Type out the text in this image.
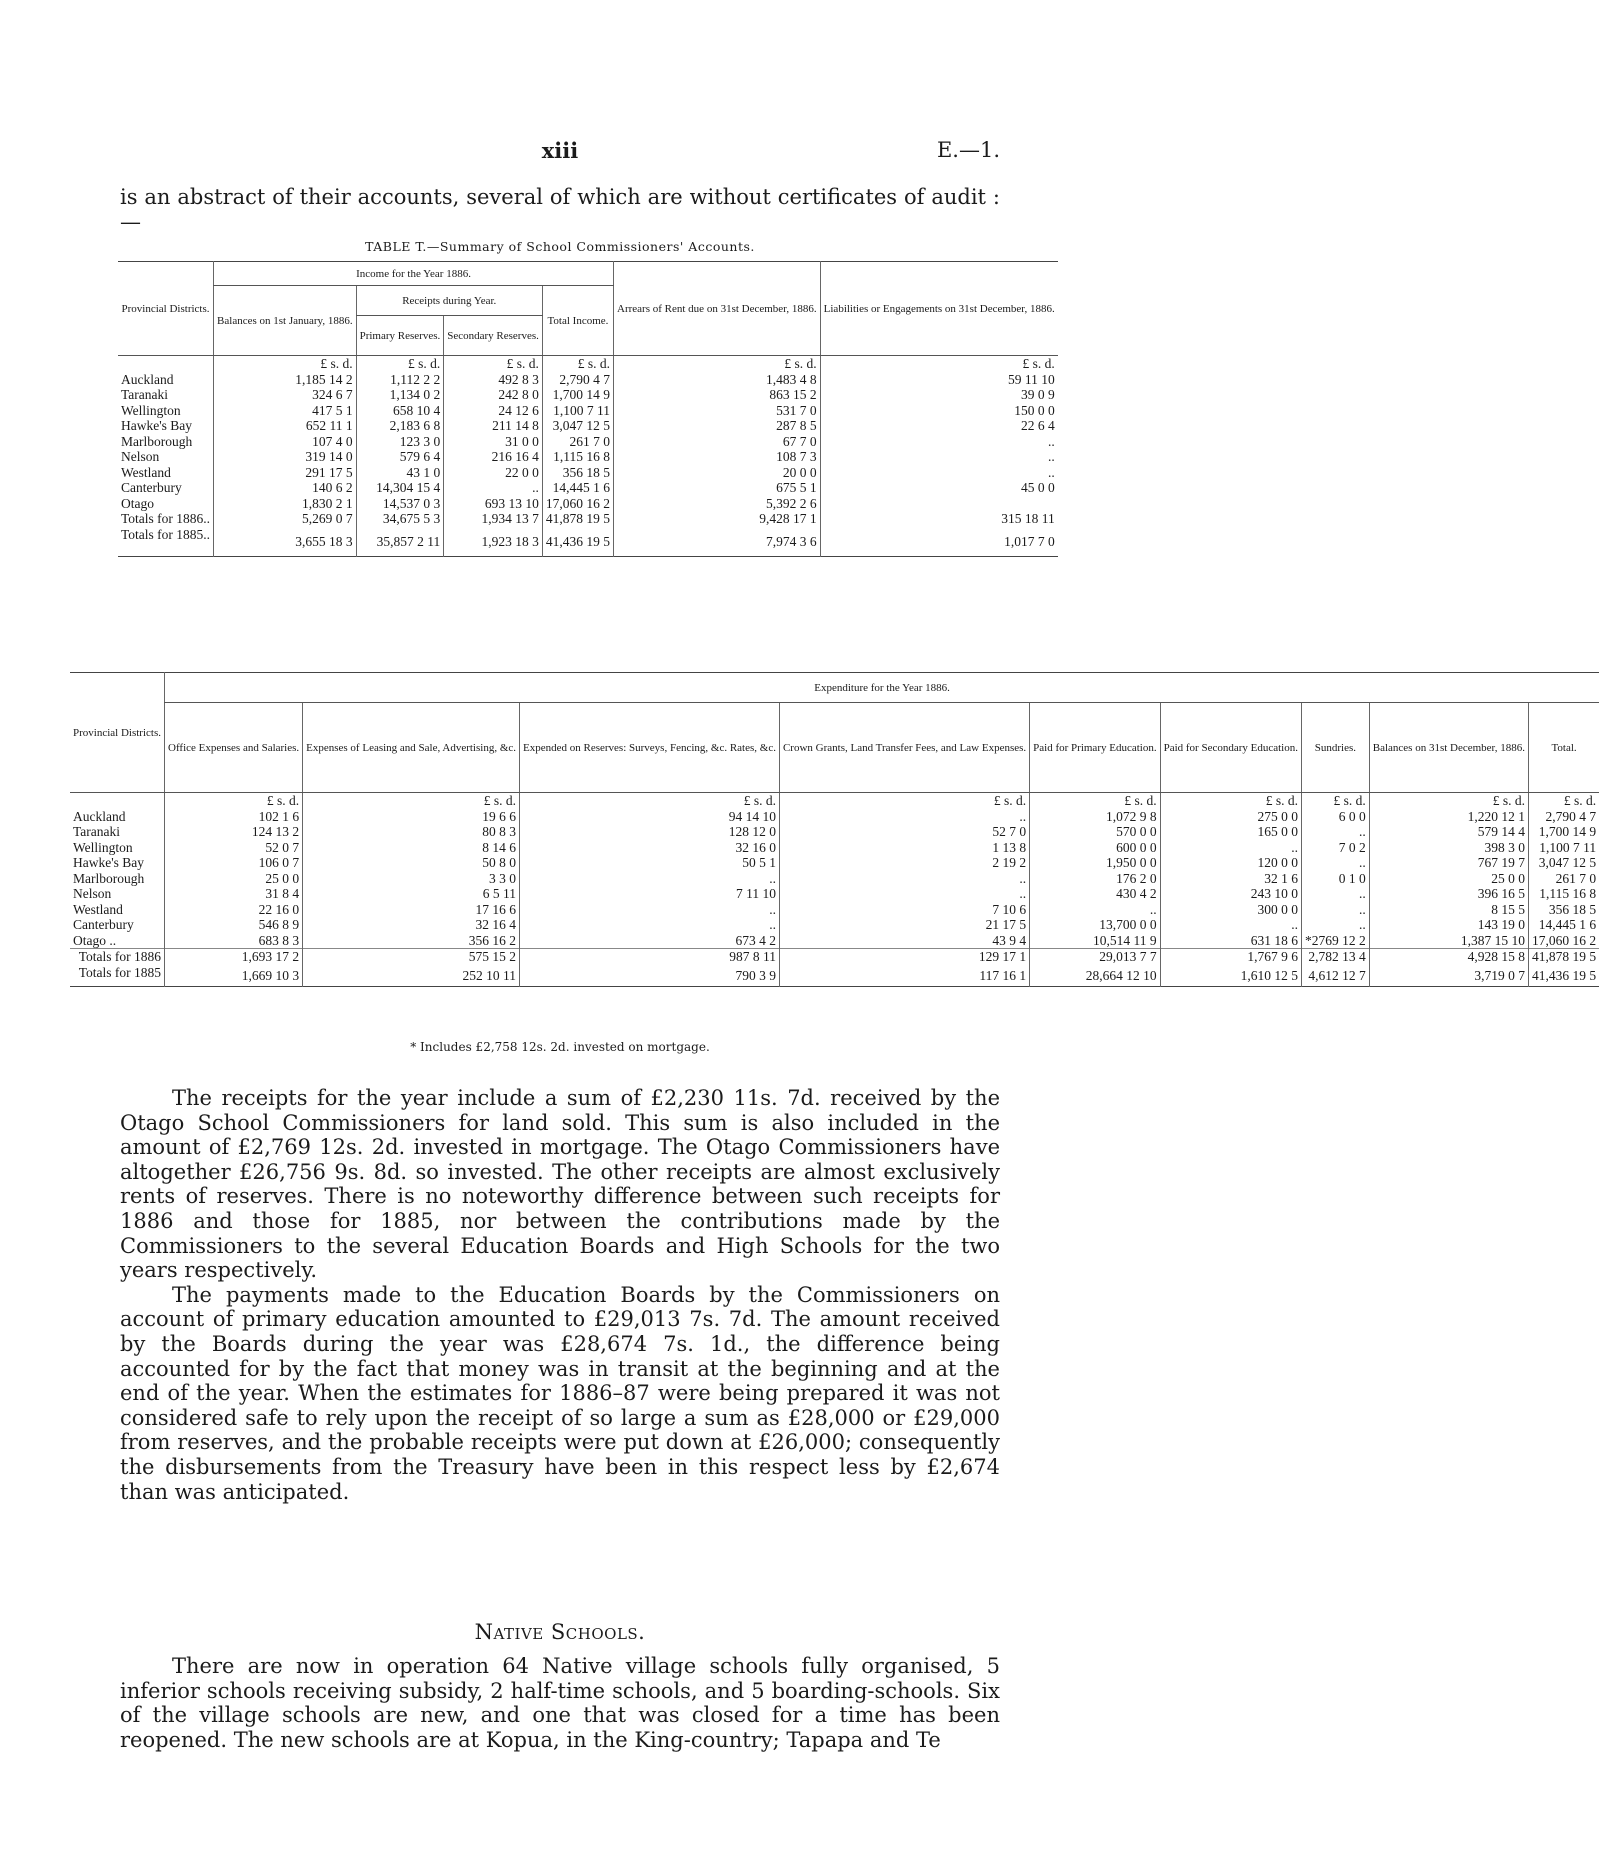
xiii	E.—1.
is an abstract of their accounts, several of which are without certificates of audit :—
TABLE T.—Summary of School Commissioners' Accounts.
Provincial Districts.	Income for the Year 1886.				Arrears of Rent due on 31st December, 1886.	Liabilities or Engagements on 31st December, 1886.
	Balances on 1st January, 1886.	Receipts during Year.		Total Income.		
		Primary Reserves.	Secondary Reserves.			
	£ s. d.	£ s. d.	£ s. d.	£ s. d.	£ s. d.	£ s. d.
Auckland	1,185 14 2	1,112 2 2	492 8 3	2,790 4 7	1,483 4 8	59 11 10
Taranaki	324 6 7	1,134 0 2	242 8 0	1,700 14 9	863 15 2	39 0 9
Wellington	417 5 1	658 10 4	24 12 6	1,100 7 11	531 7 0	150 0 0
Hawke's Bay	652 11 1	2,183 6 8	211 14 8	3,047 12 5	287 8 5	22 6 4
Marlborough	107 4 0	123 3 0	31 0 0	261 7 0	67 7 0	..
Nelson	319 14 0	579 6 4	216 16 4	1,115 16 8	108 7 3	..
Westland	291 17 5	43 1 0	22 0 0	356 18 5	20 0 0	..
Canterbury	140 6 2	14,304 15 4	..	14,445 1 6	675 5 1	45 0 0
Otago	1,830 2 1	14,537 0 3	693 13 10	17,060 16 2	5,392 2 6	
Totals for 1886..	5,269 0 7	34,675 5 3	1,934 13 7	41,878 19 5	9,428 17 1	315 18 11
Totals for 1885..	3,655 18 3	35,857 2 11	1,923 18 3	41,436 19 5	7,974 3 6	1,017 7 0
Provincial Districts.	Expenditure for the Year 1886.								
	Office Expenses and Salaries.	Expenses of Leasing and Sale, Advertising, &c.	Expended on Reserves: Surveys, Fencing, &c. Rates, &c.	Crown Grants, Land Transfer Fees, and Law Expenses.	Paid for Primary Education.	Paid for Secondary Education.	Sundries.	Balances on 31st December, 1886.	Total.
	£ s. d.	£ s. d.	£ s. d.	£ s. d.	£ s. d.	£ s. d.	£ s. d.	£ s. d.	£ s. d.
Auckland	102 1 6	19 6 6	94 14 10	..	1,072 9 8	275 0 0	6 0 0	1,220 12 1	2,790 4 7
Taranaki	124 13 2	80 8 3	128 12 0	52 7 0	570 0 0	165 0 0	..	579 14 4	1,700 14 9
Wellington	52 0 7	8 14 6	32 16 0	1 13 8	600 0 0	..	7 0 2	398 3 0	1,100 7 11
Hawke's Bay	106 0 7	50 8 0	50 5 1	2 19 2	1,950 0 0	120 0 0	..	767 19 7	3,047 12 5
Marlborough	25 0 0	3 3 0	..	..	176 2 0	32 1 6	0 1 0	25 0 0	261 7 0
Nelson	31 8 4	6 5 11	7 11 10	..	430 4 2	243 10 0	..	396 16 5	1,115 16 8
Westland	22 16 0	17 16 6	..	7 10 6	..	300 0 0	..	8 15 5	356 18 5
Canterbury	546 8 9	32 16 4	..	21 17 5	13,700 0 0	..	..	143 19 0	14,445 1 6
Otago ..	683 8 3	356 16 2	673 4 2	43 9 4	10,514 11 9	631 18 6	*2769 12 2	1,387 15 10	17,060 16 2
Totals for 1886	1,693 17 2	575 15 2	987 8 11	129 17 1	29,013 7 7	1,767 9 6	2,782 13 4	4,928 15 8	41,878 19 5
Totals for 1885	1,669 10 3	252 10 11	790 3 9	117 16 1	28,664 12 10	1,610 12 5	4,612 12 7	3,719 0 7	41,436 19 5
* Includes £2,758 12s. 2d. invested on mortgage.

The receipts for the year include a sum of £2,230 11s. 7d. received by the Otago School Commissioners for land sold. This sum is also included in the amount of £2,769 12s. 2d. invested in mortgage. The Otago Commissioners have altogether £26,756 9s. 8d. so invested. The other receipts are almost exclusively rents of reserves. There is no noteworthy difference between such receipts for 1886 and those for 1885, nor between the contributions made by the Commissioners to the several Education Boards and High Schools for the two years respectively.

The payments made to the Education Boards by the Commissioners on account of primary education amounted to £29,013 7s. 7d. The amount received by the Boards during the year was £28,674 7s. 1d., the difference being accounted for by the fact that money was in transit at the beginning and at the end of the year. When the estimates for 1886–87 were being prepared it was not considered safe to rely upon the receipt of so large a sum as £28,000 or £29,000 from reserves, and the probable receipts were put down at £26,000; consequently the disbursements from the Treasury have been in this respect less by £2,674 than was anticipated.

Native Schools.

There are now in operation 64 Native village schools fully organised, 5 inferior schools receiving subsidy, 2 half-time schools, and 5 boarding-schools. Six of the village schools are new, and one that was closed for a time has been reopened. The new schools are at Kopua, in the King-country; Tapapa and Te
